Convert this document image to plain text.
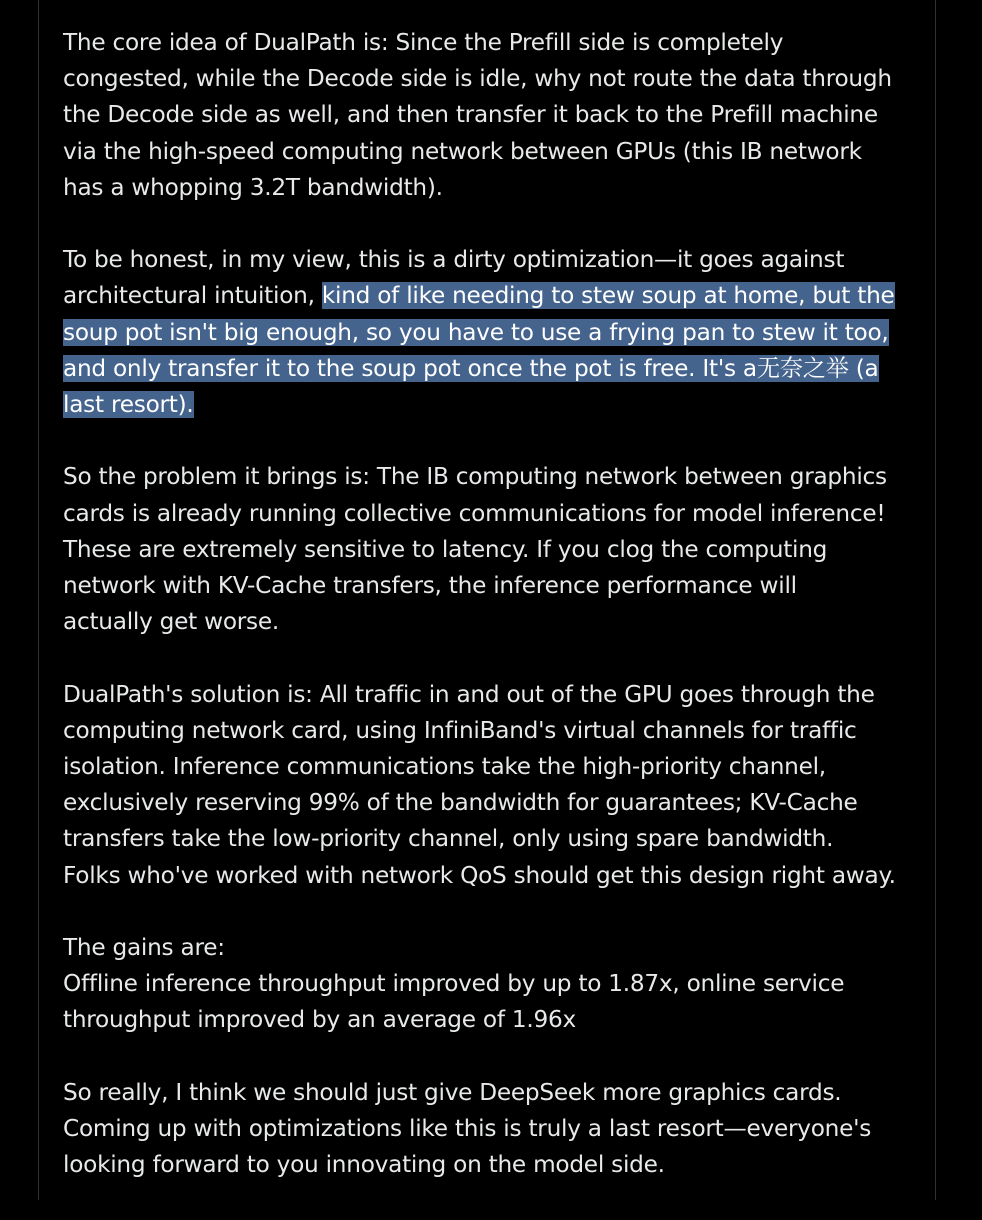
The core idea of DualPath is: Since the Prefill side is completely
congested, while the Decode side is idle, why not route the data through
the Decode side as well, and then transfer it back to the Prefill machine
via the high-speed computing network between GPUs (this IB network
has a whopping 3.2T bandwidth).

To be honest, in my view, this is a dirty optimization—it goes against
architectural intuition, kind of like needing to stew soup at home, but the
soup pot isn't big enough, so you have to use a frying pan to stew it too,
and only transfer it to the soup pot once the pot is free. It's a无奈之举 (a
last resort).

So the problem it brings is: The IB computing network between graphics
cards is already running collective communications for model inference!
These are extremely sensitive to latency. If you clog the computing
network with KV-Cache transfers, the inference performance will
actually get worse.

DualPath's solution is: All traffic in and out of the GPU goes through the
computing network card, using InfiniBand's virtual channels for traffic
isolation. Inference communications take the high-priority channel,
exclusively reserving 99% of the bandwidth for guarantees; KV-Cache
transfers take the low-priority channel, only using spare bandwidth.
Folks who've worked with network QoS should get this design right away.

The gains are:
Offline inference throughput improved by up to 1.87x, online service
throughput improved by an average of 1.96x

So really, I think we should just give DeepSeek more graphics cards.
Coming up with optimizations like this is truly a last resort—everyone's
looking forward to you innovating on the model side.
